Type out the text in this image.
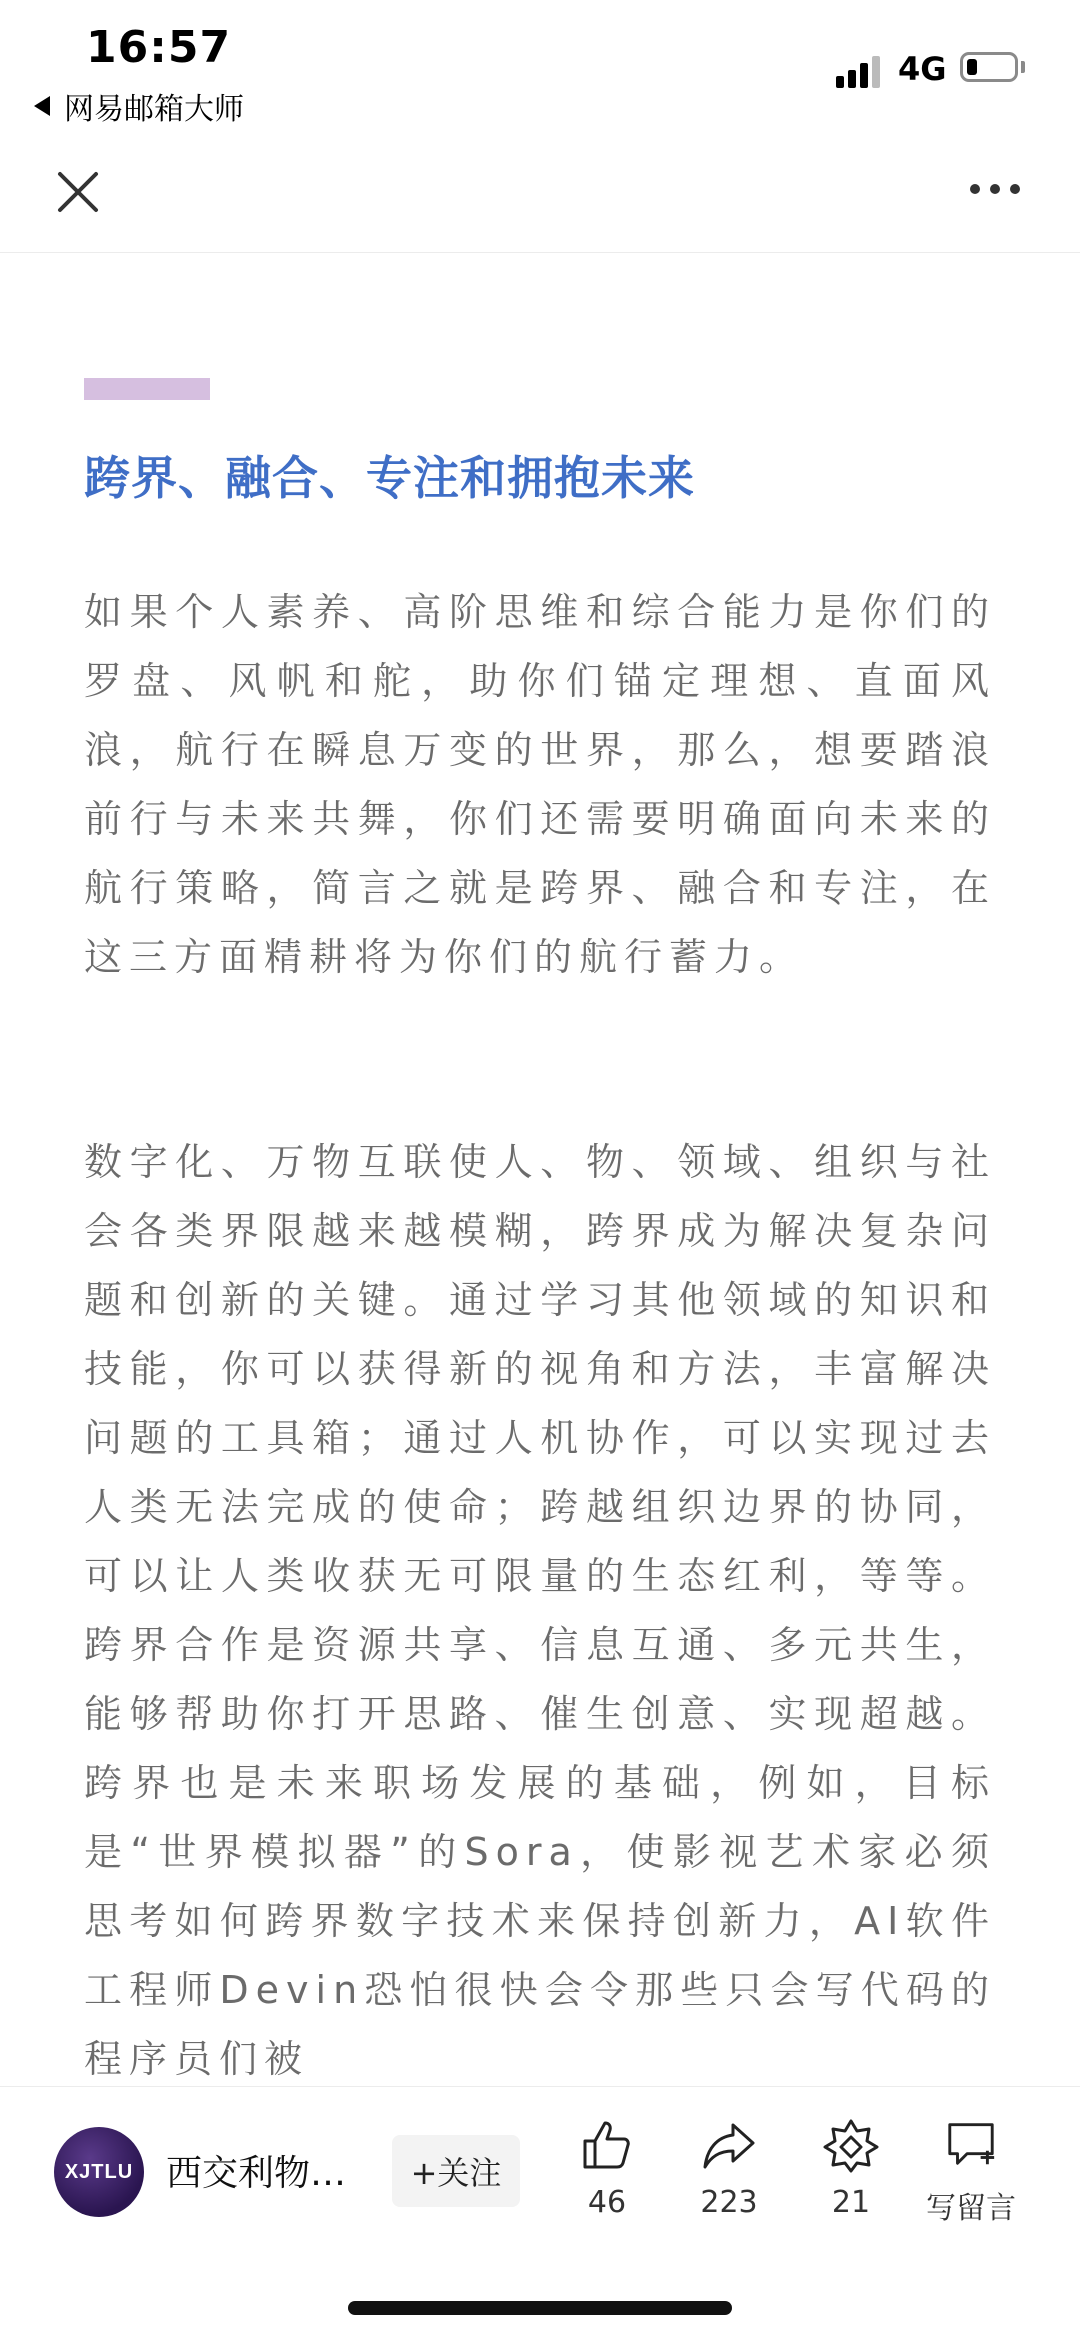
16:57
网易邮箱大师
4G
跨界、融合、专注和拥抱未来
如果个人素养、高阶思维和综合能力是你们的罗盘、风帆和舵，助你们锚定理想、直面风浪，航行在瞬息万变的世界，那么，想要踏浪前行与未来共舞，你们还需要明确面向未来的航行策略，简言之就是跨界、融合和专注，在这三方面精耕将为你们的航行蓄力。
数字化、万物互联使人、物、领域、组织与社会各类界限越来越模糊，跨界成为解决复杂问题和创新的关键。通过学习其他领域的知识和技能，你可以获得新的视角和方法，丰富解决问题的工具箱；通过人机协作，可以实现过去人类无法完成的使命；跨越组织边界的协同，可以让人类收获无可限量的生态红利，等等。跨界合作是资源共享、信息互通、多元共生，能够帮助你打开思路、催生创意、实现超越。跨界也是未来职场发展的基础，例如，目标是“世界模拟器”的Sora，使影视艺术家必须思考如何跨界数字技术来保持创新力，AI软件工程师Devin恐怕很快会令那些只会写代码的程序员们被
XJTLU 西交利物…	+关注
46 223 21 写留言
